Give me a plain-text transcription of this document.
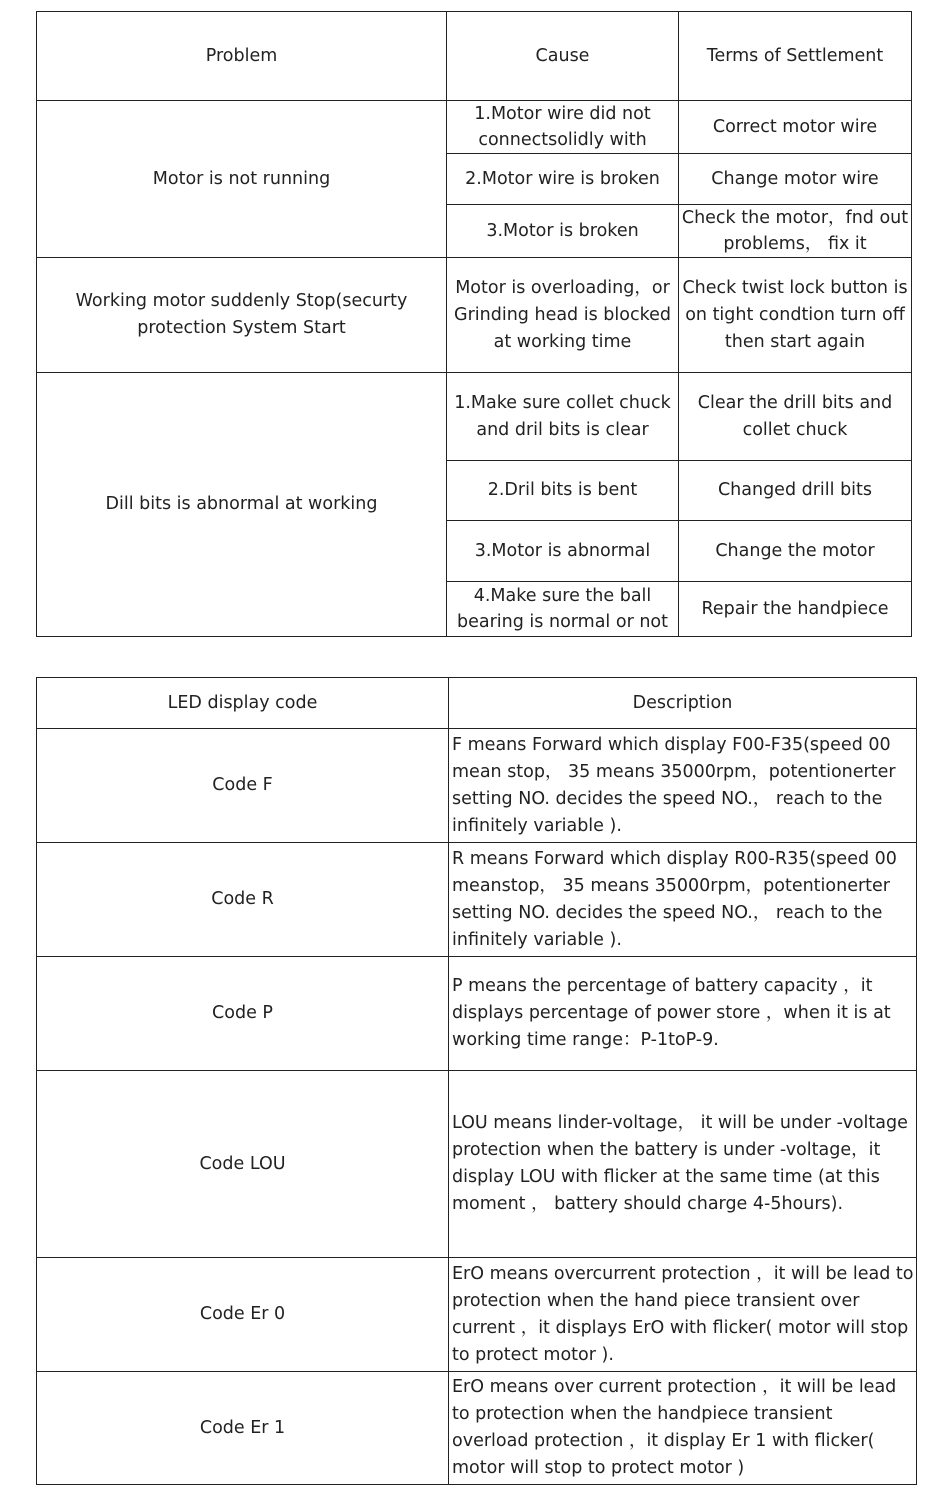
Problem	Cause	Terms of Settlement
Motor is not running	1.Motor wire did not connectsolidly with	Correct motor wire
	2.Motor wire is broken	Change motor wire
	3.Motor is broken	Check the motor，fnd out problems， fix it
Working motor suddenly Stop(securty protection System Start	Motor is overloading，or Grinding head is blocked at working time	Check twist lock button is on tight condtion turn off then start again
Dill bits is abnormal at working	1.Make sure collet chuck and dril bits is clear	Clear the drill bits and collet chuck
	2.Dril bits is bent	Changed drill bits
	3.Motor is abnormal	Change the motor
	4.Make sure the ball bearing is normal or not	Repair the handpiece
LED display code	Description
Code F	F means Forward which display F00-F35(speed 00 mean stop， 35 means 35000rpm，potentionerter setting NO. decides the speed NO.， reach to the infinitely variable ).
Code R	R means Forward which display R00-R35(speed 00 meanstop， 35 means 35000rpm，potentionerter setting NO. decides the speed NO.， reach to the infinitely variable ).
Code P	P means the percentage of battery capacity ，it displays percentage of power store ，when it is at working time range：P-1toP-9.
Code LOU	LOU means linder-voltage， it will be under -voltage protection when the battery is under -voltage，it display LOU with flicker at the same time (at this moment ， battery should charge 4-5hours).
Code Er 0	ErO means overcurrent protection ，it will be lead to protection when the hand piece transient over current ，it displays ErO with flicker( motor will stop to protect motor ).
Code Er 1	ErO means over current protection ，it will be lead to protection when the handpiece transient overload protection ，it display Er 1 with flicker( motor will stop to protect motor )
